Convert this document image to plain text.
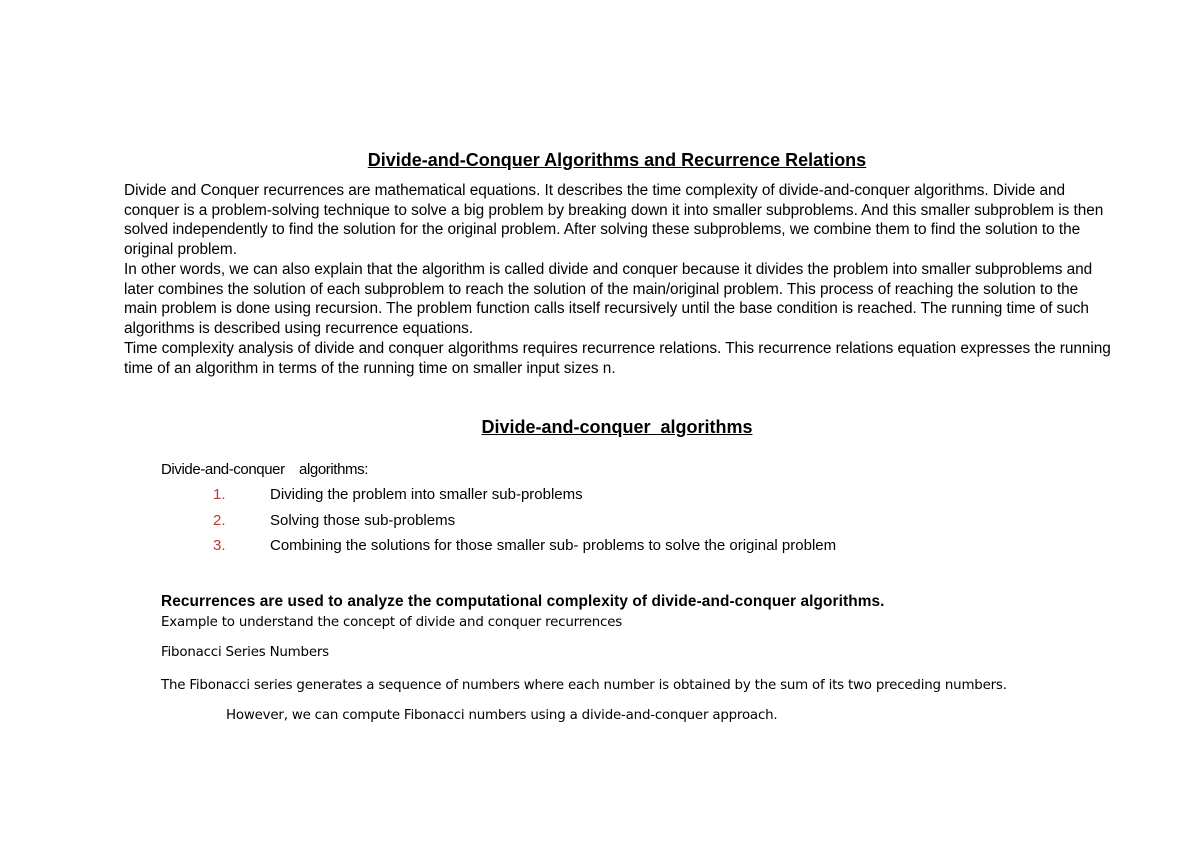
Divide-and-Conquer Algorithms and Recurrence Relations

Divide and Conquer recurrences are mathematical equations. It describes the time complexity of divide-and-conquer algorithms. Divide and conquer is a problem-solving technique to solve a big problem by breaking down it into smaller subproblems. And this smaller subproblem is then solved independently to find the solution for the original problem. After solving these subproblems, we combine them to find the solution to the original problem.

In other words, we can also explain that the algorithm is called divide and conquer because it divides the problem into smaller subproblems and later combines the solution of each subproblem to reach the solution of the main/original problem. This process of reaching the solution to the main problem is done using recursion. The problem function calls itself recursively until the base condition is reached. The running time of such algorithms is described using recurrence equations.

Time complexity analysis of divide and conquer algorithms requires recurrence relations. This recurrence relations equation expresses the running time of an algorithm in terms of the running time on smaller input sizes n.

Divide-and-conquer  algorithms

Divide-and-conquer   algorithms:

1.	Dividing the problem into smaller sub-problems
2.	Solving those sub-problems
3.	Combining the solutions for those smaller sub- problems to solve the original problem

Recurrences are used to analyze the computational complexity of divide-and-conquer algorithms.

Example to understand the concept of divide and conquer recurrences

Fibonacci Series Numbers

The Fibonacci series generates a sequence of numbers where each number is obtained by the sum of its two preceding numbers.

However, we can compute Fibonacci numbers using a divide-and-conquer approach.
